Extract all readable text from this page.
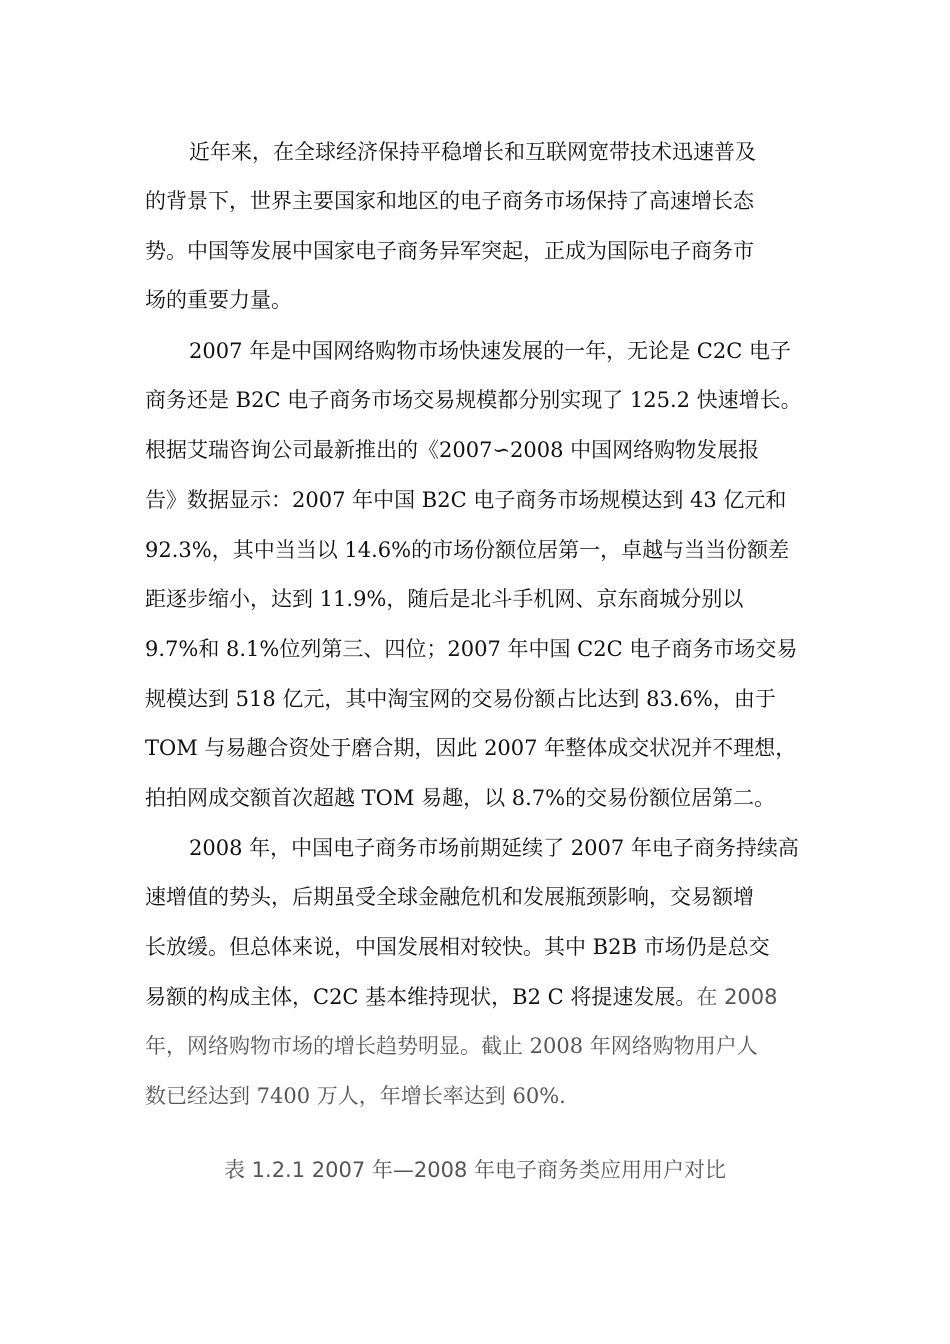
近年来，在全球经济保持平稳增长和互联网宽带技术迅速普及
的背景下，世界主要国家和地区的电子商务市场保持了高速增长态
势。中国等发展中国家电子商务异军突起，正成为国际电子商务市
场的重要力量。
2007 年是中国网络购物市场快速发展的一年，无论是 C2C 电子
商务还是 B2C 电子商务市场交易规模都分别实现了 125.2 快速增长。
根据艾瑞咨询公司最新推出的《2007∽2008 中国网络购物发展报
告》数据显示：2007 年中国 B2C 电子商务市场规模达到 43 亿元和
92.3%，其中当当以 14.6%的市场份额位居第一，卓越与当当份额差
距逐步缩小，达到 11.9%，随后是北斗手机网、京东商城分别以
9.7%和 8.1%位列第三、四位；2007 年中国 C2C 电子商务市场交易
规模达到 518 亿元，其中淘宝网的交易份额占比达到 83.6%，由于
TOM 与易趣合资处于磨合期，因此 2007 年整体成交状况并不理想，
拍拍网成交额首次超越 TOM 易趣，以 8.7%的交易份额位居第二。
2008 年，中国电子商务市场前期延续了 2007 年电子商务持续高
速增值的势头，后期虽受全球金融危机和发展瓶颈影响，交易额增
长放缓。但总体来说，中国发展相对较快。其中 B2B 市场仍是总交
易额的构成主体，C2C 基本维持现状，B2 C 将提速发展。在 2008
年，网络购物市场的增长趋势明显。截止 2008 年网络购物用户人
数已经达到 7400 万人，年增长率达到 60%.
表 1.2.1 2007 年—2008 年电子商务类应用用户对比
